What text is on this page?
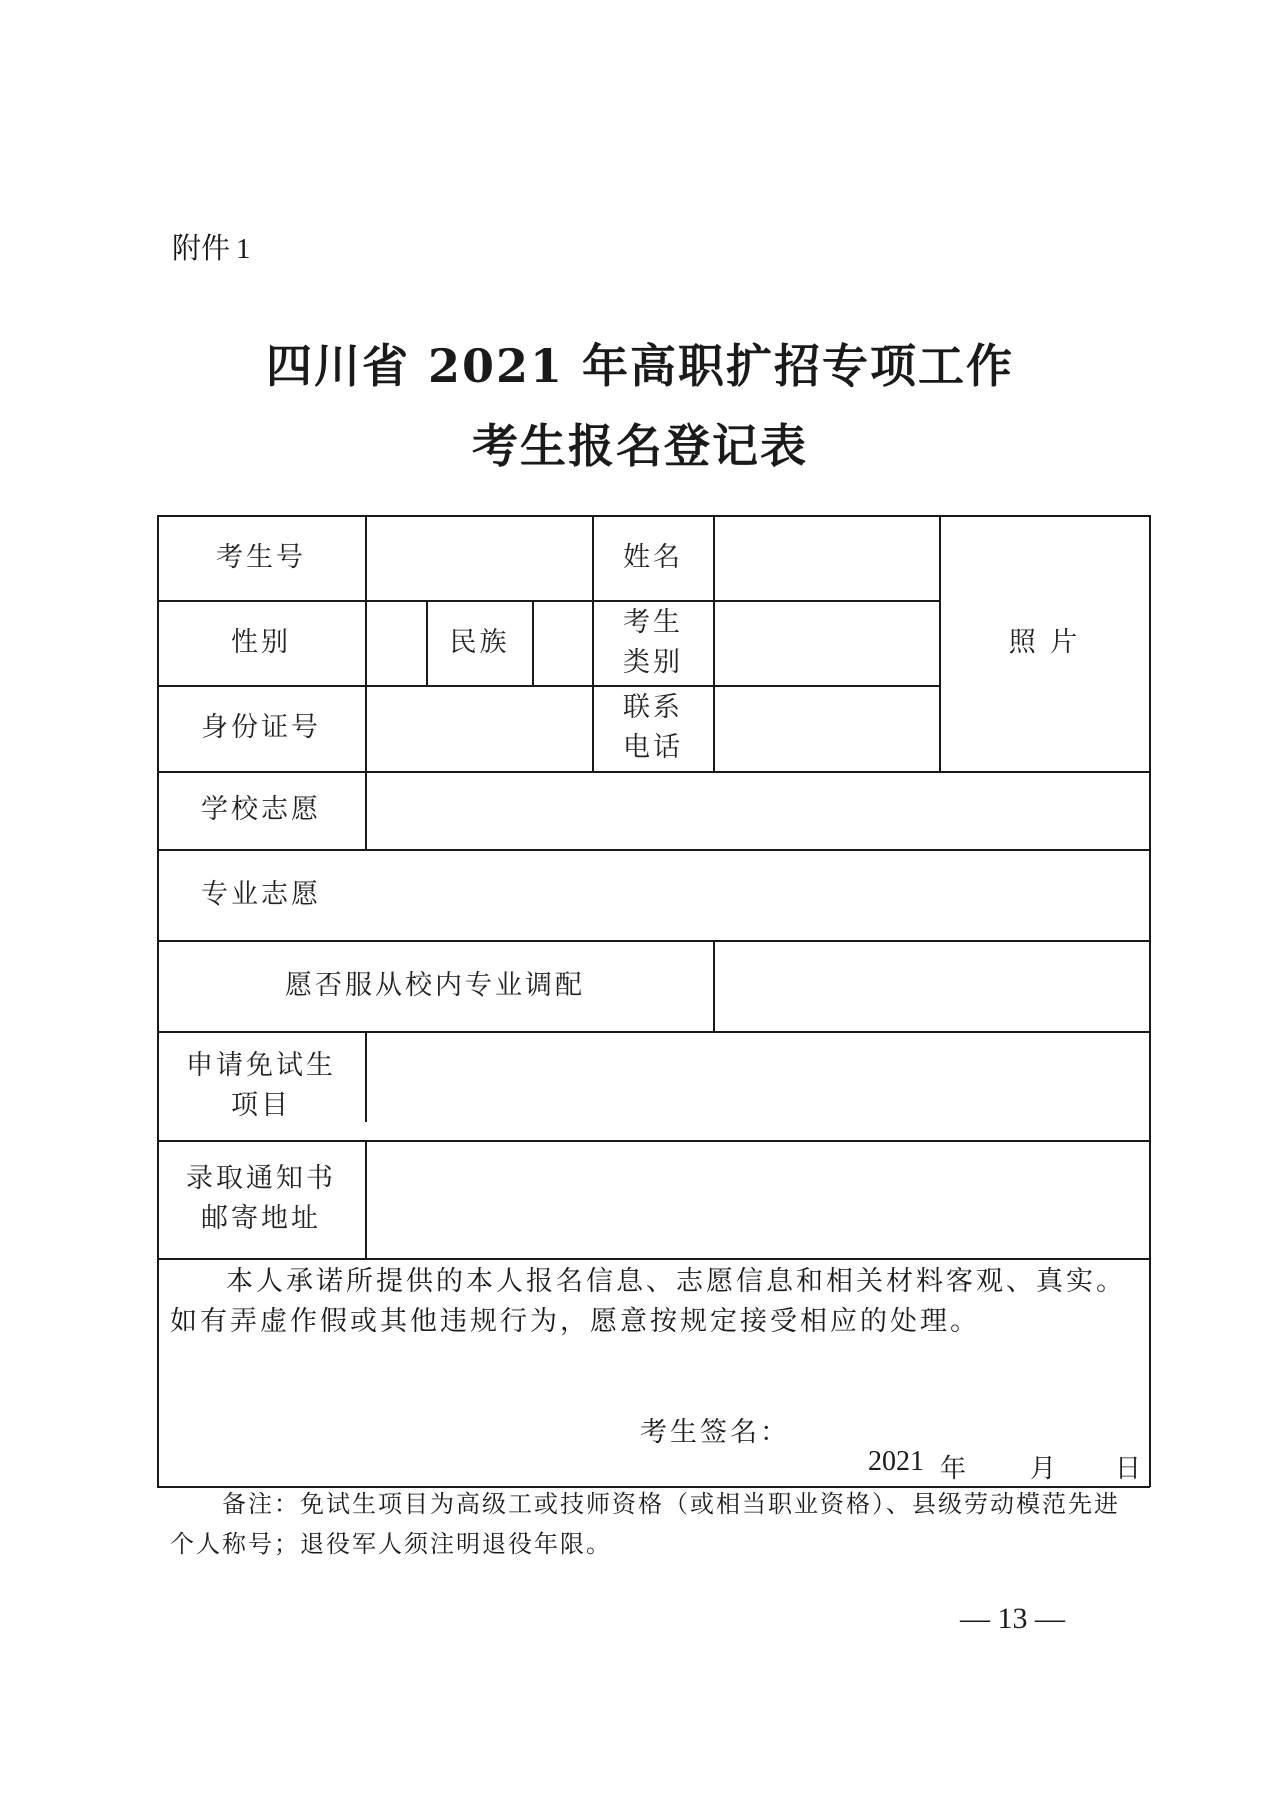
附件 1
四川省 2021 年高职扩招专项工作
考生报名登记表
考生号	姓名
照 片
性别	民族
考生
类别
身份证号
联系
电话
学校志愿
专业志愿
愿否服从校内专业调配
申请免试生
项目
录取通知书
邮寄地址
本人承诺所提供的本人报名信息、志愿信息和相关材料客观、真实。如有弄虚作假或其他违规行为，愿意按规定接受相应的处理。
考生签名：
2021 年 月 日
备注：免试生项目为高级工或技师资格（或相当职业资格）、县级劳动模范先进个人称号；退役军人须注明退役年限。
— 13 —
